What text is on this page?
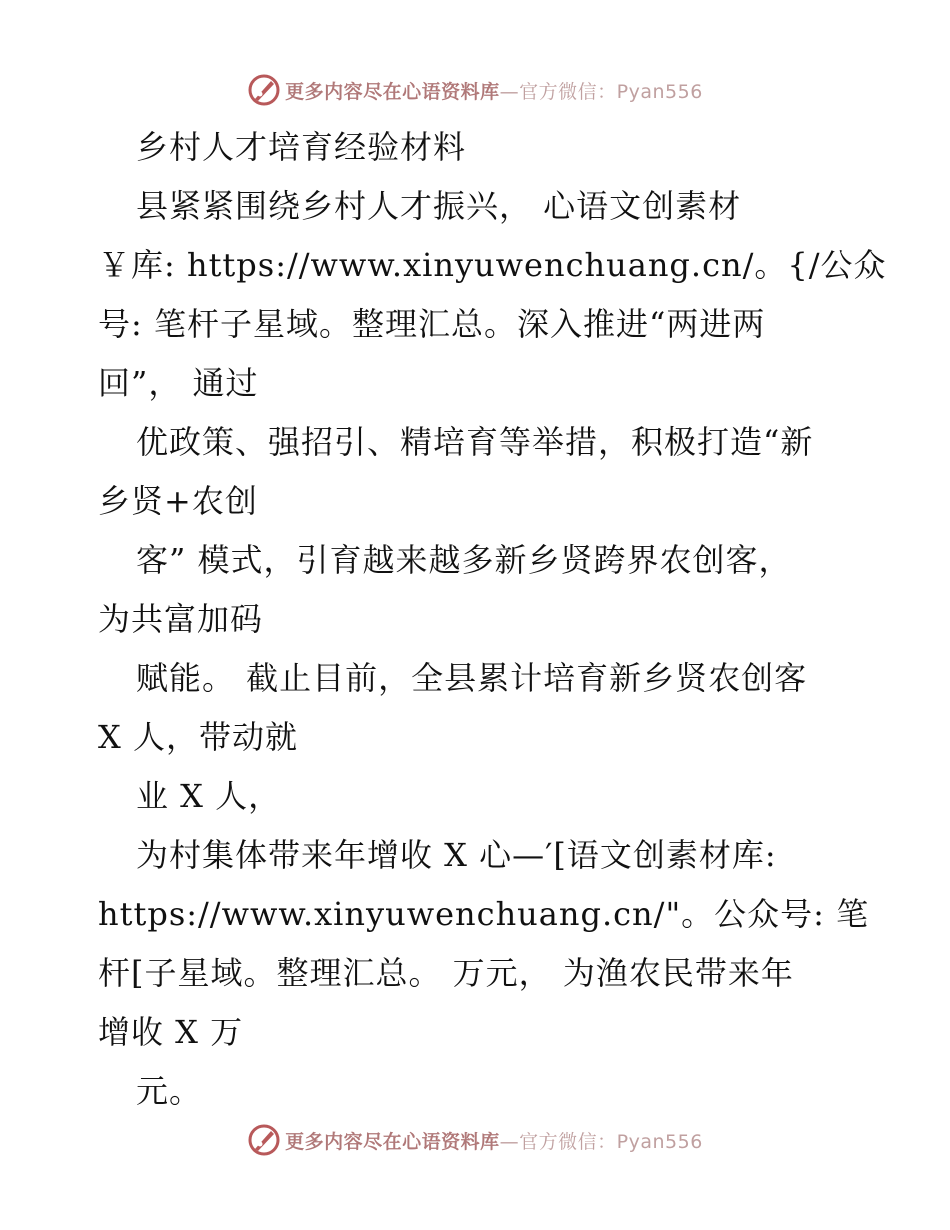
更多内容尽在心语资料库—官方微信：Pyan556
乡村人才培育经验材料
县紧紧围绕乡村人才振兴， 心语文创素材
￥库: https://www.xinyuwenchuang.cn/。{/公众
号: 笔杆子星域。整理汇总。深入推进“两进两
回”， 通过
优政策、强招引、精培育等举措，积极打造“新
乡贤+农创
客” 模式，引育越来越多新乡贤跨界农创客，
为共富加码
赋能。 截止目前，全县累计培育新乡贤农创客
X 人，带动就
业 X 人，
为村集体带来年增收 X 心—′[语文创素材库:
https://www.xinyuwenchuang.cn/"。公众号: 笔
杆[子星域。整理汇总。 万元， 为渔农民带来年
增收 X 万
元。
更多内容尽在心语资料库—官方微信：Pyan556
